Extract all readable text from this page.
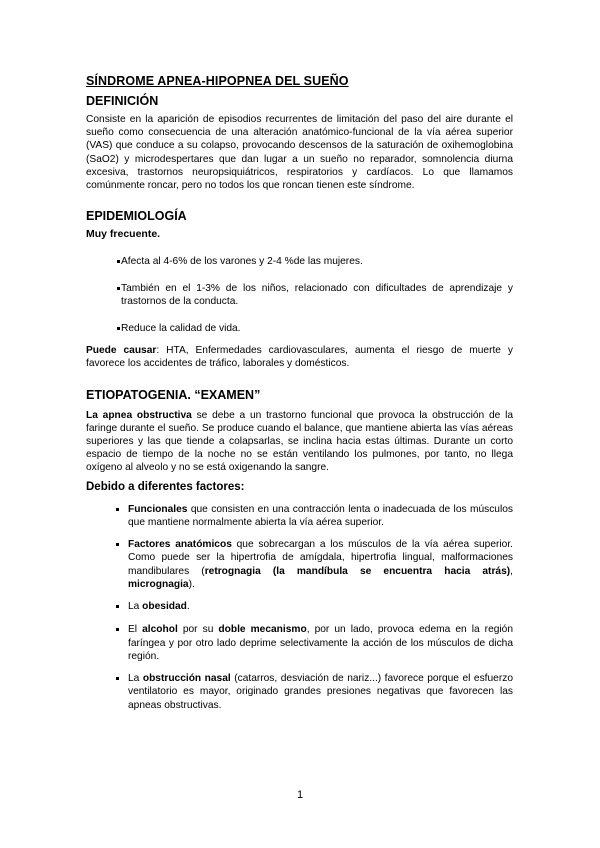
SÍNDROME APNEA-HIPOPNEA DEL SUEÑO
DEFINICIÓN

Consiste en la aparición de episodios recurrentes de limitación del paso del aire durante el sueño como consecuencia de una alteración anatómico-funcional de la vía aérea superior (VAS) que conduce a su colapso, provocando descensos de la saturación de oxihemoglobina (SaO2) y microdespertares que dan lugar a un sueño no reparador, somnolencia diurna excesiva, trastornos neuropsiquiátricos, respiratorios y cardíacos. Lo que llamamos comúnmente roncar, pero no todos los que roncan tienen este síndrome.

EPIDEMIOLOGÍA
Muy frecuente.
Afecta al 4-6% de los varones y 2-4 %de las mujeres.
También en el 1-3% de los niños, relacionado con dificultades de aprendizaje y trastornos de la conducta.
Reduce la calidad de vida.

Puede causar: HTA, Enfermedades cardiovasculares, aumenta el riesgo de muerte y favorece los accidentes de tráfico, laborales y domésticos.

ETIOPATOGENIA. “EXAMEN”

La apnea obstructiva se debe a un trastorno funcional que provoca la obstrucción de la faringe durante el sueño. Se produce cuando el balance, que mantiene abierta las vías aéreas superiores y las que tiende a colapsarlas, se inclina hacia estas últimas. Durante un corto espacio de tiempo de la noche no se están ventilando los pulmones, por tanto, no llega oxígeno al alveolo y no se está oxigenando la sangre.

Debido a diferentes factores:
Funcionales que consisten en una contracción lenta o inadecuada de los músculos que mantiene normalmente abierta la vía aérea superior.
Factores anatómicos que sobrecargan a los músculos de la vía aérea superior. Como puede ser la hipertrofia de amígdala, hipertrofia lingual, malformaciones mandibulares (retrognagia (la mandíbula se encuentra hacia atrás), micrognagia).
La obesidad.
El alcohol por su doble mecanismo, por un lado, provoca edema en la región faríngea y por otro lado deprime selectivamente la acción de los músculos de dicha región.
La obstrucción nasal (catarros, desviación de nariz...) favorece porque el esfuerzo ventilatorio es mayor, originado grandes presiones negativas que favorecen las apneas obstructivas.
1
